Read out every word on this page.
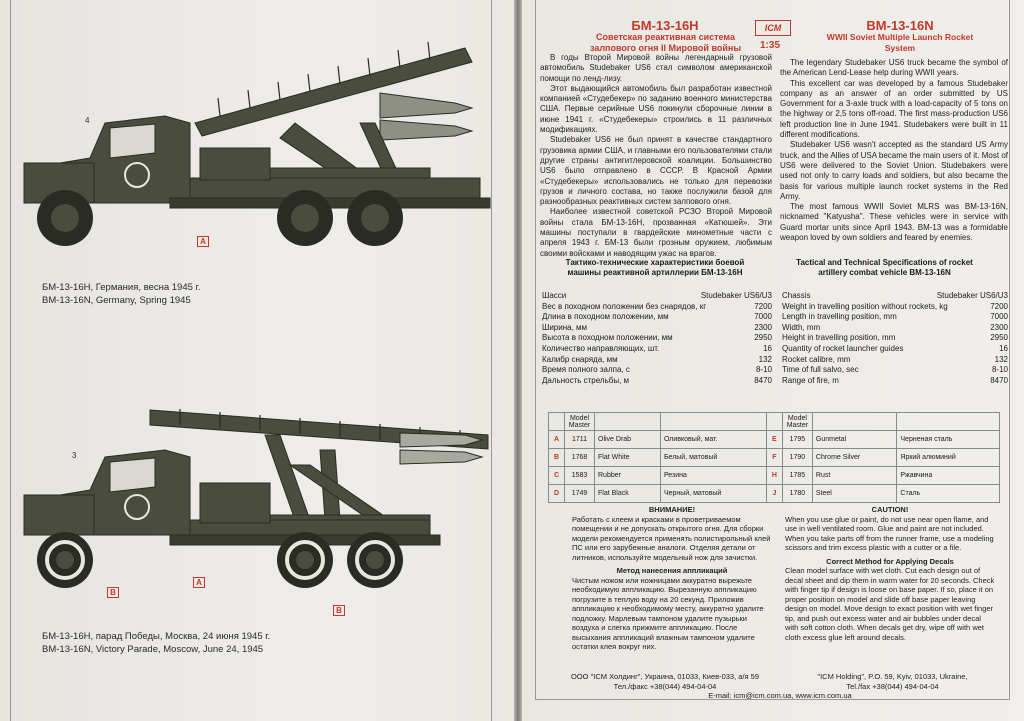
4
A
БМ-13-16Н, Германия, весна 1945 г.
BM-13-16N, Germany, Spring 1945
3
A
B
B
БМ-13-16Н, парад Победы, Москва, 24 июня 1945 г.
BM-13-16N, Victory Parade, Moscow, June 24, 1945
БМ-13-16Н
Советская реактивная система залпового огня II Мировой войны
ICM
1:35
BM-13-16N
WWII Soviet Multiple Launch Rocket System

В годы Второй Мировой войны легендарный грузовой автомобиль Studebaker US6 стал символом американской помощи по ленд-лизу.

Этот выдающийся автомобиль был разработан известной компанией «Студебекер» по заданию военного министерства США. Первые серийные US6 покинули сборочные линии в июне 1941 г. «Студебекеры» строились в 11 различных модификациях.

Studebaker US6 не был принят в качестве стандартного грузовика армии США, и главными его пользователями стали другие страны антигитлеровской коалиции. Большинство US6 было отправлено в СССР. В Красной Армии «Студебекеры» использовались не только для перевозки грузов и личного состава, но также послужили базой для разнообразных реактивных систем залпового огня.

Наиболее известной советской РСЗО Второй Мировой войны стала БМ-13-16Н, прозванная «Катюшей». Эти машины поступали в гвардейские минометные части с апреля 1943 г. БМ-13 были грозным оружием, любимым своими войсками и наводящим ужас на врагов.

The legendary Studebaker US6 truck became the symbol of the American Lend-Lease help during WWII years.

This excellent car was developed by a famous Studebaker company as an answer of an order submitted by US Government for a 3-axle truck with a load-capacity of 5 tons on the highway or 2,5 tons off-road. The first mass-production US6 left production line in June 1941. Studebakers were built in 11 different modifications.

Studebaker US6 wasn't accepted as the standard US Army truck, and the Allies of USA became the main users of it. Most of US6 were delivered to the Soviet Union. Studebakers were used not only to carry loads and soldiers, but also became the basis for various multiple launch rocket systems in the Red Army.

The most famous WWII Soviet MLRS was BM-13-16N, nicknamed "Katyusha". These vehicles were in service with Guard mortar units since April 1943. BM-13 was a formidable weapon loved by own soldiers and feared by enemies.

Тактико-технические характеристики боевой машины реактивной артиллерии БМ-13-16Н
Tactical and Technical Specifications of rocket artillery combat vehicle BM-13-16N
Шасси	Studebaker US6/U3
Вес в походном положении без снарядов, кг	7200
Длина в походном положении, мм	7000
Ширина, мм	2300
Высота в походном положении, мм	2950
Количество направляющих, шт.	16
Калибр снаряда, мм	132
Время полного залпа, с	8-10
Дальность стрельбы, м	8470
Chassis	Studebaker US6/U3
Weight in travelling position without rockets, kg	7200
Length in travelling position, mm	7000
Width, mm	2300
Height in travelling position, mm	2950
Quantity of rocket launcher guides	16
Rocket calibre, mm	132
Time of full salvo, sec	8-10
Range of fire, m	8470
	Model Master				Model Master		
A	1711	Olive Drab	Оливковый, мат.	E	1795	Gunmetal	Черненая сталь
B	1768	Flat White	Белый, матовый	F	1790	Chrome Silver	Яркий алюминий
C	1583	Rubber	Резина	H	1785	Rust	Ржавчина
D	1749	Flat Black	Черный, матовый	J	1780	Steel	Сталь
ВНИМАНИЕ!

Работать с клеем и красками в проветриваемом помещении и не допускать открытого огня. Для сборки модели рекомендуется применять полистирольный клей ПС или его зарубежные аналоги. Отделяя детали от литников, используйте модельный нож для зачистки.

Метод нанесения аппликаций

Чистым ножом или ножницами аккуратно вырежьте необходимую аппликацию. Вырезанную аппликацию погрузите в теплую воду на 20 секунд. Приложив аппликацию к необходимому месту, аккуратно удалите подложку. Марлевым тампоном удалите пузырьки воздуха и слегка прижмите аппликацию. После высыхания аппликаций влажным тампоном удалите остатки клея вокруг них.

CAUTION!

When you use glue or paint, do not use near open flame, and use in well ventilated room. Glue and paint are not included. When you take parts off from the runner frame, use a modeling scissors and trim excess plastic with a cutter or a file.

Correct Method for Applying Decals

Clean model surface with wet cloth. Cut each design out of decal sheet and dip them in warm water for 20 seconds. Check with finger tip if design is loose on base paper. If so, place it on proper position on model and slide off base paper leaving design on model. Move design to exact position with wet finger tip, and push out excess water and air bubbles under decal with soft cotton cloth. When decals get dry, wipe off with wet cloth excess glue left around decals.

ООО "ICM Холдинг", Украина, 01033, Киев-033, а/я 59
Тел./факс +38(044) 494-04-04
"ICM Holding", P.O. 59, Kyiv, 01033, Ukraine,
Tel./fax +38(044) 494-04-04
E-mail: icm@icm.com.ua, www.icm.com.ua
